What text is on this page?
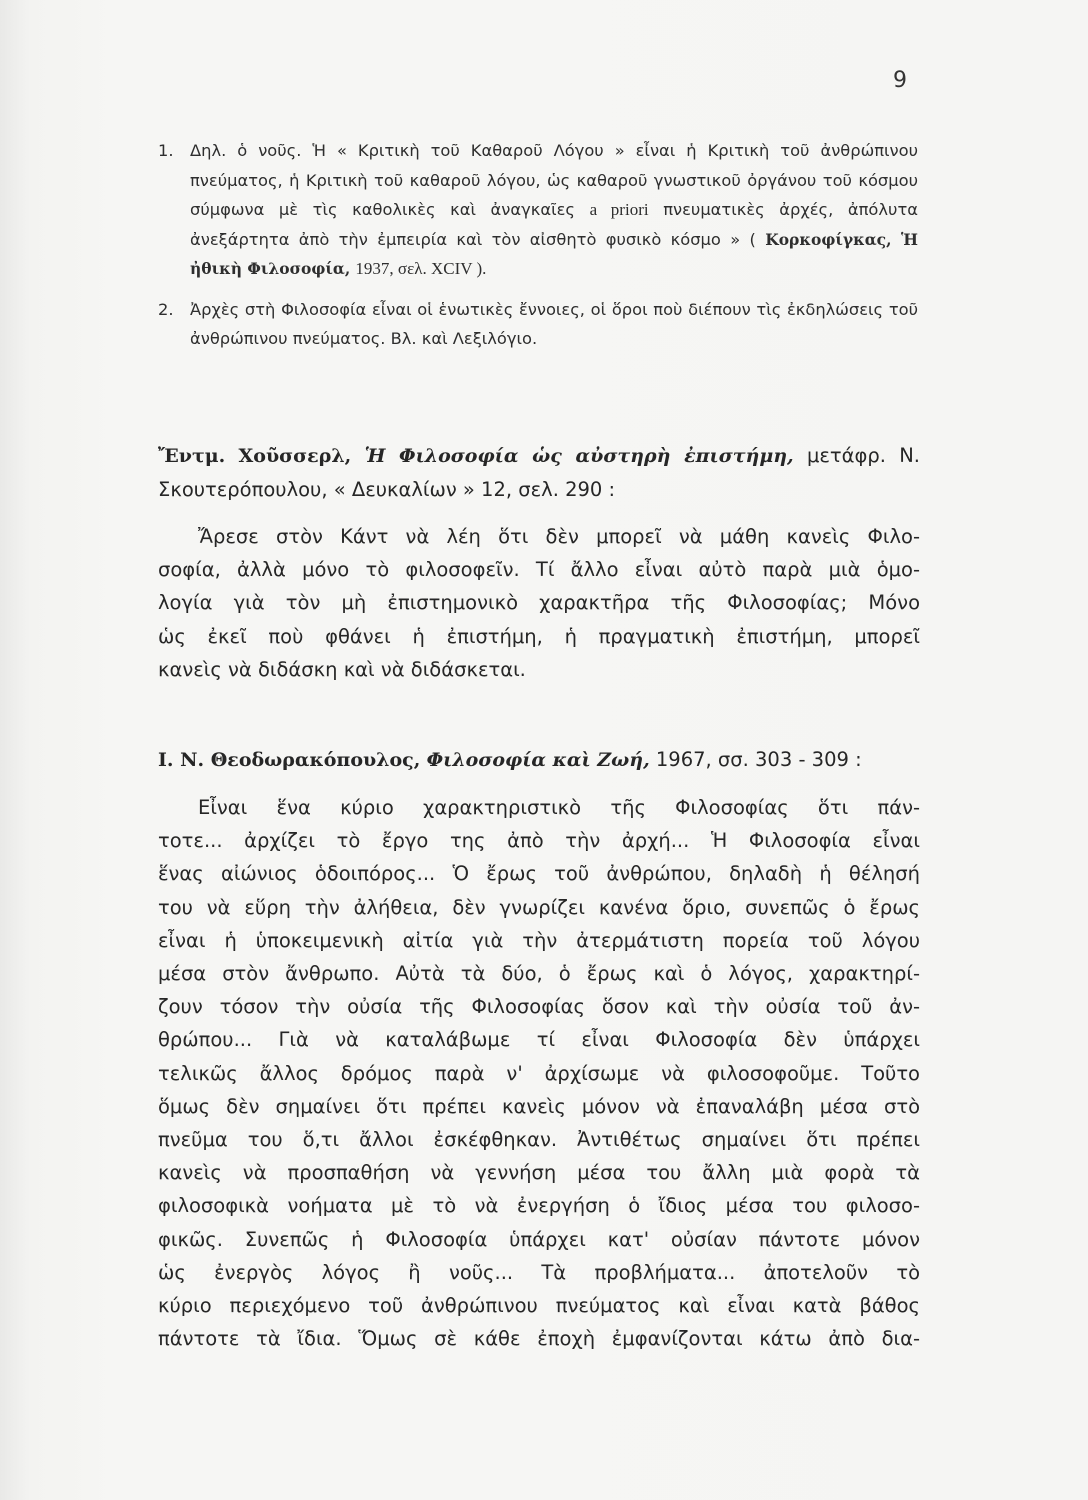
9
1. Δηλ. ὁ νοῦς. Ἡ « Κριτικὴ τοῦ Καθαροῦ Λόγου » εἶναι ἡ Κριτικὴ τοῦ ἀνθρώπινου πνεύματος, ἡ Κριτικὴ τοῦ καθαροῦ λόγου, ὡς καθαροῦ γνωστικοῦ ὀργάνου τοῦ κόσμου σύμφωνα μὲ τὶς καθολικὲς καὶ ἀναγκαῖες a priori πνευματικὲς ἀρχές, ἀπόλυτα ἀνεξάρτητα ἀπὸ τὴν ἐμπειρία καὶ τὸν αἰσθητὸ φυσικὸ κόσμο » ( Κορκοφίγκας, Ἡ ἠθικὴ Φιλοσοφία, 1937, σελ. XCIV ).
2. Ἀρχὲς στὴ Φιλοσοφία εἶναι οἱ ἑνωτικὲς ἔννοιες, οἱ ὅροι ποὺ διέπουν τὶς ἐκδηλώσεις τοῦ ἀνθρώπινου πνεύματος. Βλ. καὶ Λεξιλόγιο.
Ἔντμ. Χοῦσσερλ, Ἡ Φιλοσοφία ὡς αὐστηρὴ ἐπιστήμη, μετάφρ. Ν. Σκουτερόπουλου, « Δευκαλίων » 12, σελ. 290 :
Ἄρεσε στὸν Κάντ νὰ λέη ὅτι δὲν μπορεῖ νὰ μάθη κανεὶς Φιλο-
σοφία, ἀλλὰ μόνο τὸ φιλοσοφεῖν. Τί ἄλλο εἶναι αὐτὸ παρὰ μιὰ ὁμο-
λογία γιὰ τὸν μὴ ἐπιστημονικὸ χαρακτῆρα τῆς Φιλοσοφίας; Μόνο
ὡς ἐκεῖ ποὺ φθάνει ἡ ἐπιστήμη, ἡ πραγματικὴ ἐπιστήμη, μπορεῖ
κανεὶς νὰ διδάσκη καὶ νὰ διδάσκεται.
Ι. Ν. Θεοδωρακόπουλος, Φιλοσοφία καὶ Ζωή, 1967, σσ. 303 - 309 :
Εἶναι ἕνα κύριο χαρακτηριστικὸ τῆς Φιλοσοφίας ὅτι πάν-
τοτε... ἀρχίζει τὸ ἔργο της ἀπὸ τὴν ἀρχή... Ἡ Φιλοσοφία εἶναι
ἕνας αἰώνιος ὁδοιπόρος... Ὁ ἔρως τοῦ ἀνθρώπου, δηλαδὴ ἡ θέλησή
του νὰ εὕρη τὴν ἀλήθεια, δὲν γνωρίζει κανένα ὅριο, συνεπῶς ὁ ἔρως
εἶναι ἡ ὑποκειμενικὴ αἰτία γιὰ τὴν ἀτερμάτιστη πορεία τοῦ λόγου
μέσα στὸν ἄνθρωπο. Αὐτὰ τὰ δύο, ὁ ἔρως καὶ ὁ λόγος, χαρακτηρί-
ζουν τόσον τὴν οὐσία τῆς Φιλοσοφίας ὅσον καὶ τὴν οὐσία τοῦ ἀν-
θρώπου... Γιὰ νὰ καταλάβωμε τί εἶναι Φιλοσοφία δὲν ὑπάρχει
τελικῶς ἄλλος δρόμος παρὰ ν' ἀρχίσωμε νὰ φιλοσοφοῦμε. Τοῦτο
ὅμως δὲν σημαίνει ὅτι πρέπει κανεὶς μόνον νὰ ἐπαναλάβη μέσα στὸ
πνεῦμα του ὅ,τι ἄλλοι ἐσκέφθηκαν. Ἀντιθέτως σημαίνει ὅτι πρέπει
κανεὶς νὰ προσπαθήση νὰ γεννήση μέσα του ἄλλη μιὰ φορὰ τὰ
φιλοσοφικὰ νοήματα μὲ τὸ νὰ ἐνεργήση ὁ ἴδιος μέσα του φιλοσο-
φικῶς. Συνεπῶς ἡ Φιλοσοφία ὑπάρχει κατ' οὐσίαν πάντοτε μόνον
ὡς ἐνεργὸς λόγος ἢ νοῦς... Τὰ προβλήματα... ἀποτελοῦν τὸ
κύριο περιεχόμενο τοῦ ἀνθρώπινου πνεύματος καὶ εἶναι κατὰ βάθος
πάντοτε τὰ ἴδια. Ὅμως σὲ κάθε ἐποχὴ ἐμφανίζονται κάτω ἀπὸ δια-
